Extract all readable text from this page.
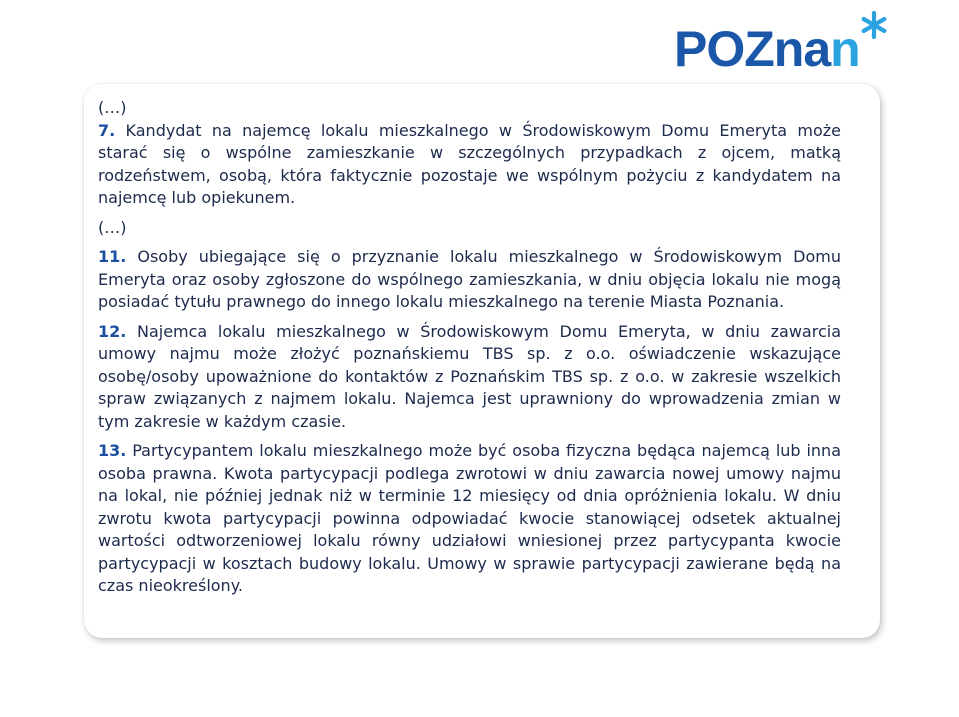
POZnan

(…)

7. Kandydat na najemcę lokalu mieszkalnego w Środowiskowym Domu Emeryta może starać się o wspólne zamieszkanie w szczególnych przypadkach z ojcem, matką rodzeństwem, osobą, która faktycznie pozostaje we wspólnym pożyciu z kandydatem na najemcę lub opiekunem.

(…)

11. Osoby ubiegające się o przyznanie lokalu mieszkalnego w Środowiskowym Domu Emeryta oraz osoby zgłoszone do wspólnego zamieszkania, w dniu objęcia lokalu nie mogą posiadać tytułu prawnego do innego lokalu mieszkalnego na terenie Miasta Poznania.

12. Najemca lokalu mieszkalnego w Środowiskowym Domu Emeryta, w dniu zawarcia umowy najmu może złożyć poznańskiemu TBS sp. z o.o. oświadczenie wskazujące osobę/osoby upoważnione do kontaktów z Poznańskim TBS sp. z o.o. w zakresie wszelkich spraw związanych z najmem lokalu. Najemca jest uprawniony do wprowadzenia zmian w tym zakresie w każdym czasie.

13. Partycypantem lokalu mieszkalnego może być osoba fizyczna będąca najemcą lub inna osoba prawna. Kwota partycypacji podlega zwrotowi w dniu zawarcia nowej umowy najmu na lokal, nie później jednak niż w terminie 12 miesięcy od dnia opróżnienia lokalu. W dniu zwrotu kwota partycypacji powinna odpowiadać kwocie stanowiącej odsetek aktualnej wartości odtworzeniowej lokalu równy udziałowi wniesionej przez partycypanta kwocie partycypacji w kosztach budowy lokalu. Umowy w sprawie partycypacji zawierane będą na czas nieokreślony.
